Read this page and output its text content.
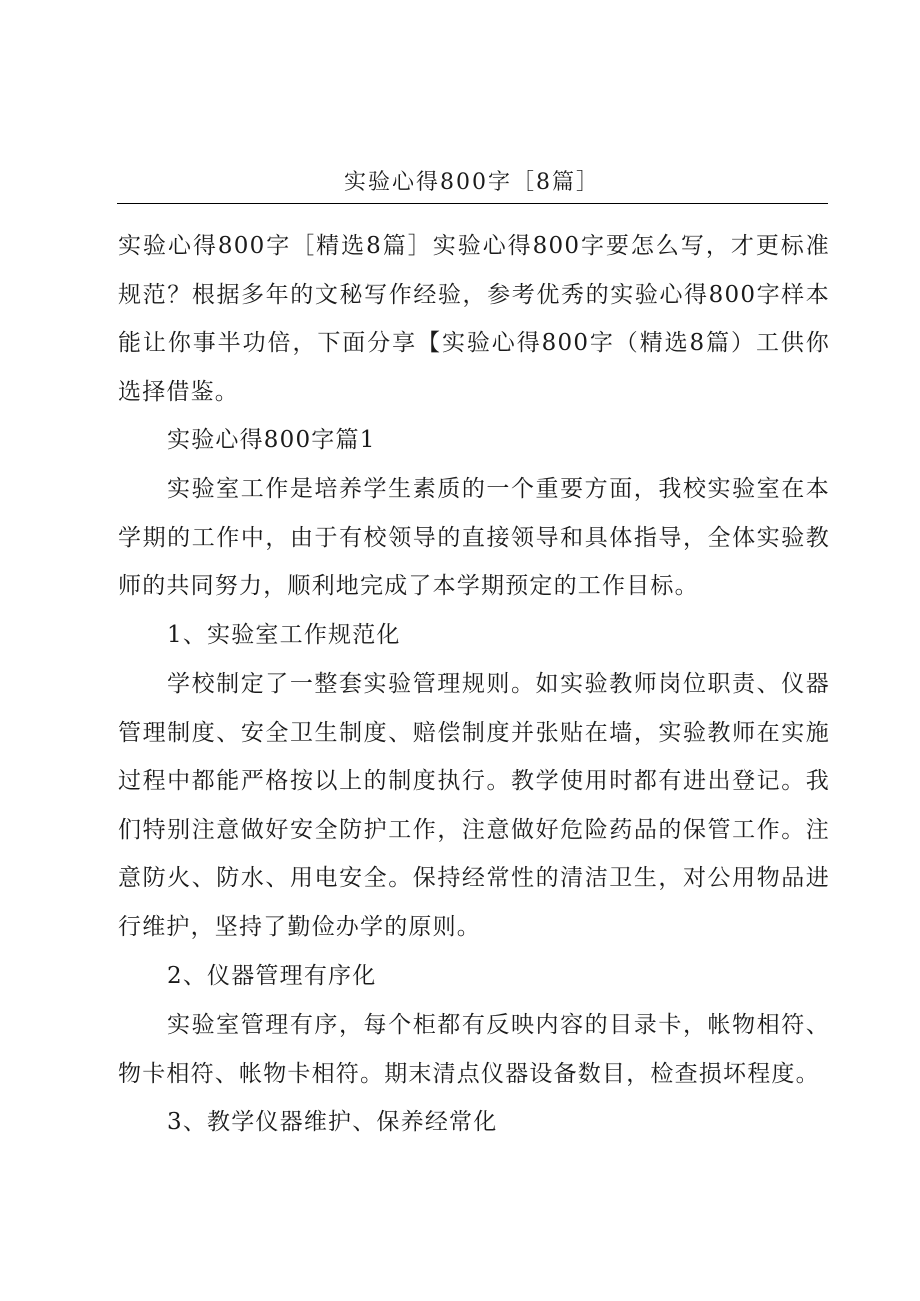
实验心得800字［8篇］

实验心得800字［精选8篇］实验心得800字要怎么写，才更标准规范？根据多年的文秘写作经验，参考优秀的实验心得800字样本能让你事半功倍，下面分享【实验心得800字（精选8篇）工供你选择借鉴。

实验心得800字篇1

实验室工作是培养学生素质的一个重要方面，我校实验室在本学期的工作中，由于有校领导的直接领导和具体指导，全体实验教师的共同努力，顺利地完成了本学期预定的工作目标。

1、实验室工作规范化

学校制定了一整套实验管理规则。如实验教师岗位职责、仪器管理制度、安全卫生制度、赔偿制度并张贴在墙，实验教师在实施过程中都能严格按以上的制度执行。教学使用时都有进出登记。我们特别注意做好安全防护工作，注意做好危险药品的保管工作。注意防火、防水、用电安全。保持经常性的清洁卫生，对公用物品进行维护，坚持了勤俭办学的原则。

2、仪器管理有序化

实验室管理有序，每个柜都有反映内容的目录卡，帐物相符、物卡相符、帐物卡相符。期末清点仪器设备数目，检查损坏程度。

3、教学仪器维护、保养经常化
